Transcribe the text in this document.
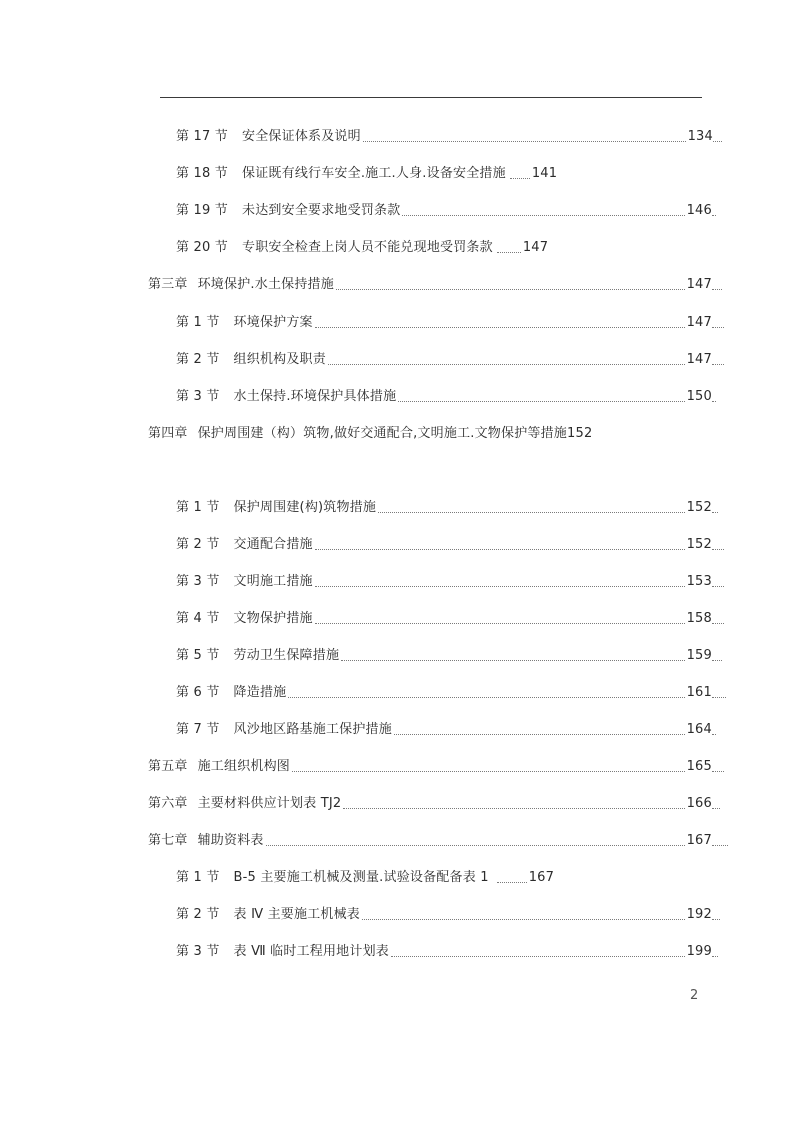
第 17 节 安全保证体系及说明	134
第 18 节 保证既有线行车安全.施工.人身.设备安全措施 141
第 19 节 未达到安全要求地受罚条款	146
第 20 节 专职安全检查上岗人员不能兑现地受罚条款 147
第三章 环境保护.水土保持措施	147
第 1 节 环境保护方案	147
第 2 节 组织机构及职责	147
第 3 节 水土保持.环境保护具体措施	150
第四章 保护周围建（构）筑物,做好交通配合,文明施工.文物保护等措施 152
第 1 节 保护周围建(构)筑物措施	152
第 2 节 交通配合措施	152
第 3 节 文明施工措施	153
第 4 节 文物保护措施	158
第 5 节 劳动卫生保障措施	159
第 6 节 降造措施	161
第 7 节 风沙地区路基施工保护措施	164
第五章 施工组织机构图	165
第六章 主要材料供应计划表 TJ2	166
第七章 辅助资料表	167
第 1 节 B-5 主要施工机械及测量.试验设备配备表 1	167
第 2 节 表 Ⅳ 主要施工机械表	192
第 3 节 表 Ⅶ 临时工程用地计划表	199
2
